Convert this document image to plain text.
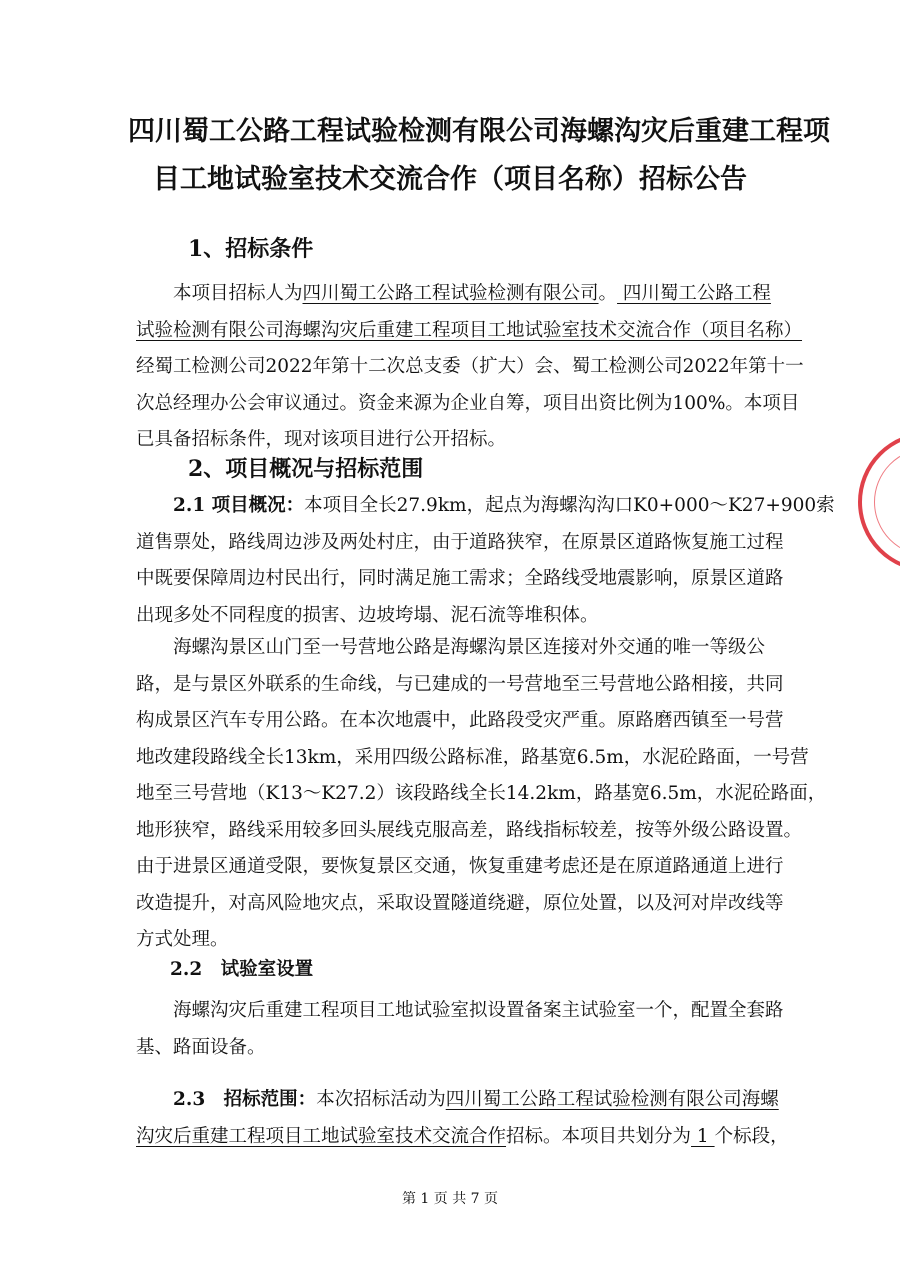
四川蜀工公路工程试验检测有限公司海螺沟灾后重建工程项
目工地试验室技术交流合作（项目名称）招标公告
1、招标条件
本项目招标人为四川蜀工公路工程试验检测有限公司。 四川蜀工公路工程
试验检测有限公司海螺沟灾后重建工程项目工地试验室技术交流合作（项目名称）
经蜀工检测公司2022年第十二次总支委（扩大）会、蜀工检测公司2022年第十一
次总经理办公会审议通过。资金来源为企业自筹，项目出资比例为100%。本项目
已具备招标条件，现对该项目进行公开招标。
2、项目概况与招标范围
2.1 项目概况：本项目全长27.9km，起点为海螺沟沟口K0+000～K27+900索
道售票处，路线周边涉及两处村庄，由于道路狭窄，在原景区道路恢复施工过程
中既要保障周边村民出行，同时满足施工需求；全路线受地震影响，原景区道路
出现多处不同程度的损害、边坡垮塌、泥石流等堆积体。
海螺沟景区山门至一号营地公路是海螺沟景区连接对外交通的唯一等级公
路，是与景区外联系的生命线，与已建成的一号营地至三号营地公路相接，共同
构成景区汽车专用公路。在本次地震中，此路段受灾严重。原路磨西镇至一号营
地改建段路线全长13km，采用四级公路标准，路基宽6.5m，水泥砼路面，一号营
地至三号营地（K13～K27.2）该段路线全长14.2km，路基宽6.5m，水泥砼路面，
地形狭窄，路线采用较多回头展线克服高差，路线指标较差，按等外级公路设置。
由于进景区通道受限，要恢复景区交通，恢复重建考虑还是在原道路通道上进行
改造提升，对高风险地灾点，采取设置隧道绕避，原位处置，以及河对岸改线等
方式处理。
2.2　试验室设置
海螺沟灾后重建工程项目工地试验室拟设置备案主试验室一个，配置全套路
基、路面设备。
2.3　招标范围：本次招标活动为四川蜀工公路工程试验检测有限公司海螺
沟灾后重建工程项目工地试验室技术交流合作招标。本项目共划分为 1 个标段，
第 1 页 共 7 页
